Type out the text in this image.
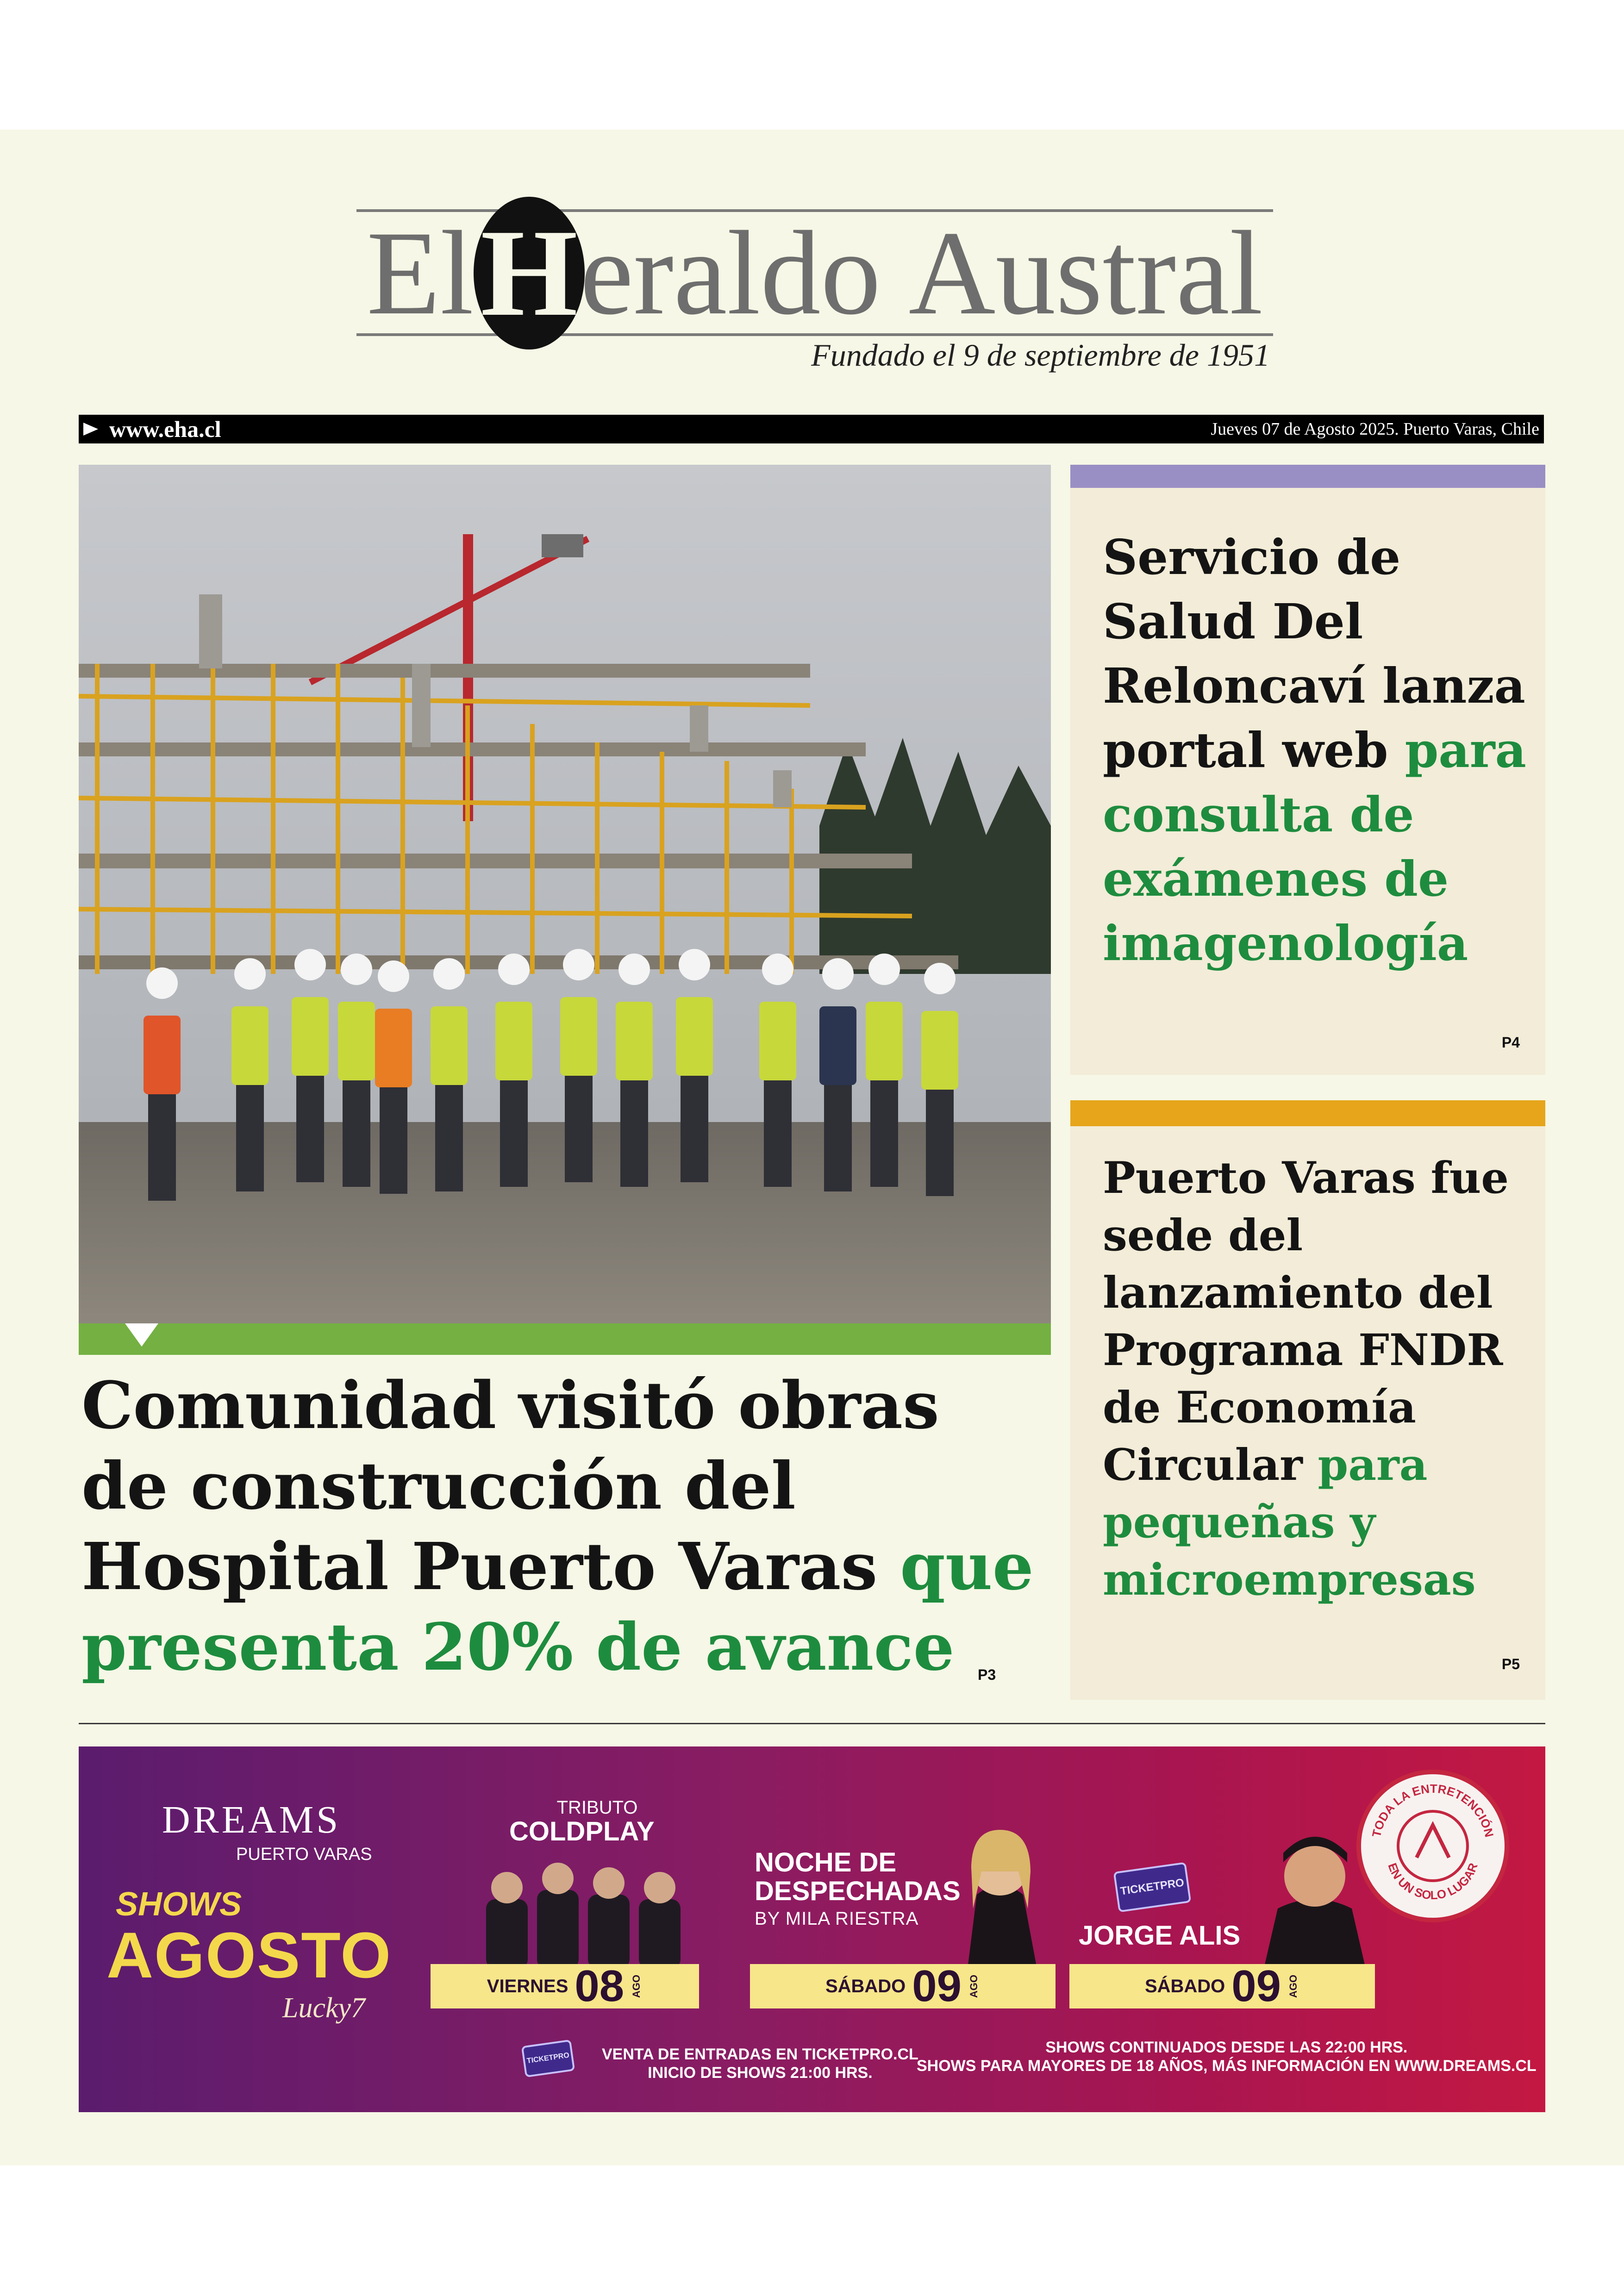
El H eraldo Austral
Fundado el 9 de septiembre de 1951
www.eha.cl	Jueves 07 de Agosto 2025. Puerto Varas, Chile
Comunidad visitó obras de construcción del Hospital Puerto Varas que presenta 20% de avance	P3
Servicio de Salud Del Reloncaví lanza portal web para consulta de exámenes de imagenología
P4
Puerto Varas fue sede del lanzamiento del Programa FNDR de Economía Circular para pequeñas y microempresas
P5
DREAMS
PUERTO VARAS
SHOWS
AGOSTO
Lucky7
TRIBUTO
COLDPLAY
NOCHE DE
DESPECHADAS
BY MILA RIESTRA
JORGE ALIS
TICKETPRO
TICKETPRO
VIERNES 08 AGO	SÁBADO 09 AGO	SÁBADO 09 AGO
VENTA DE ENTRADAS EN TICKETPRO.CL
INICIO DE SHOWS 21:00 HRS.
SHOWS CONTINUADOS DESDE LAS 22:00 HRS.
SHOWS PARA MAYORES DE 18 AÑOS, MÁS INFORMACIÓN EN WWW.DREAMS.CL
TODA LA ENTRETENCIÓN
EN UN SOLO LUGAR
